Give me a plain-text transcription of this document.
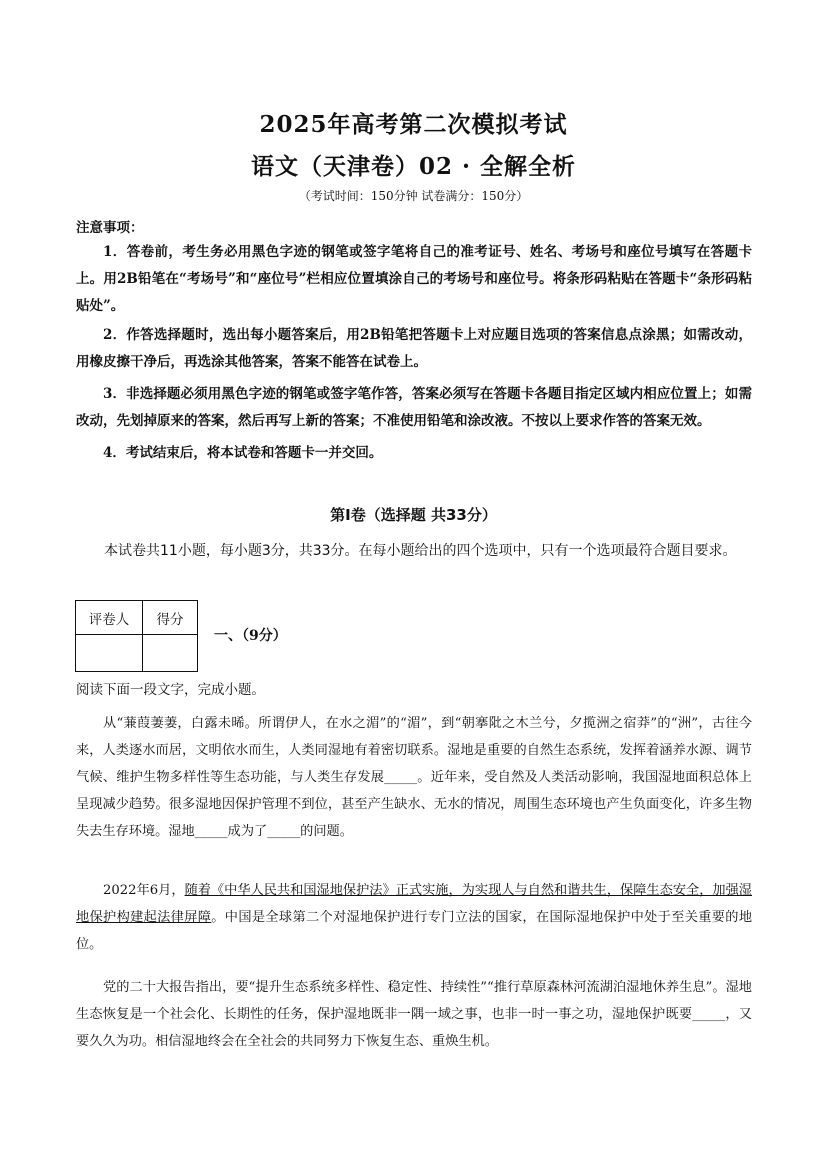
2025年高考第二次模拟考试
语文（天津卷）02 · 全解全析
（考试时间：150分钟 试卷满分：150分）
注意事项：
1．答卷前，考生务必用黑色字迹的钢笔或签字笔将自己的准考证号、姓名、考场号和座位号填写在答题卡上。用2B铅笔在“考场号”和“座位号”栏相应位置填涂自己的考场号和座位号。将条形码粘贴在答题卡“条形码粘贴处”。
2．作答选择题时，选出每小题答案后，用2B铅笔把答题卡上对应题目选项的答案信息点涂黑；如需改动，用橡皮擦干净后，再选涂其他答案，答案不能答在试卷上。
3．非选择题必须用黑色字迹的钢笔或签字笔作答，答案必须写在答题卡各题目指定区域内相应位置上；如需改动，先划掉原来的答案，然后再写上新的答案；不准使用铅笔和涂改液。不按以上要求作答的答案无效。
4．考试结束后，将本试卷和答题卡一并交回。
第Ⅰ卷（选择题 共33分）
本试卷共11小题，每小题3分，共33分。在每小题给出的四个选项中，只有一个选项最符合题目要求。
评卷人	得分

一、（9分）
阅读下面一段文字，完成小题。
从“蒹葭萋萋，白露未晞。所谓伊人，在水之湄”的“湄”，到“朝搴阰之木兰兮，夕揽洲之宿莽”的“洲”，古往今来，人类逐水而居，文明依水而生，人类同湿地有着密切联系。湿地是重要的自然生态系统，发挥着涵养水源、调节气候、维护生物多样性等生态功能，与人类生存发展_____。近年来，受自然及人类活动影响，我国湿地面积总体上呈现减少趋势。很多湿地因保护管理不到位，甚至产生缺水、无水的情况，周围生态环境也产生负面变化，许多生物失去生存环境。湿地_____成为了_____的问题。
2022年6月，随着《中华人民共和国湿地保护法》正式实施，为实现人与自然和谐共生，保障生态安全，加强湿地保护构建起法律屏障。中国是全球第二个对湿地保护进行专门立法的国家，在国际湿地保护中处于至关重要的地位。
党的二十大报告指出，要“提升生态系统多样性、稳定性、持续性”“推行草原森林河流湖泊湿地休养生息”。湿地生态恢复是一个社会化、长期性的任务，保护湿地既非一隅一域之事，也非一时一事之功，湿地保护既要_____，又要久久为功。相信湿地终会在全社会的共同努力下恢复生态、重焕生机。
